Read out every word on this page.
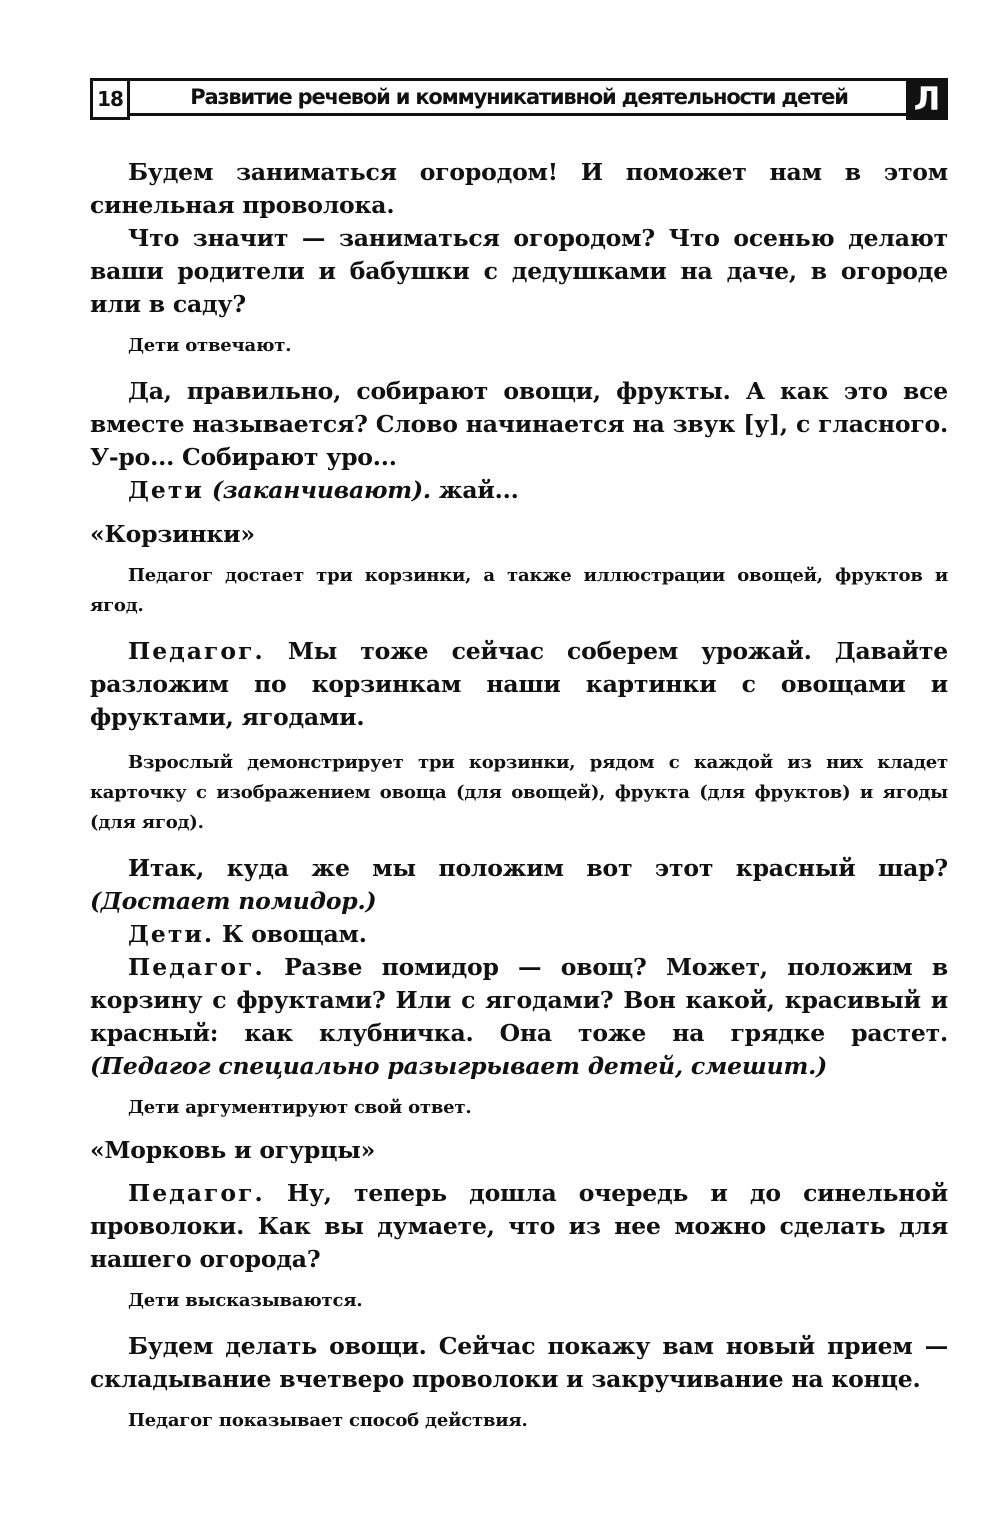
18	Развитие речевой и коммуникативной деятельности детей	Л

Будем заниматься огородом! И поможет нам в этом синельная проволока.

Что значит — заниматься огородом? Что осенью делают ваши родители и бабушки с дедушками на даче, в огороде или в саду?

Дети отвечают.

Да, правильно, собирают овощи, фрукты. А как это все вместе называется? Слово начинается на звук [у], с гласного. У-ро... Собирают уро...

Дети (заканчивают). жай...

«Корзинки»

Педагог достает три корзинки, а также иллюстрации овощей, фруктов и ягод.

Педагог. Мы тоже сейчас соберем урожай. Давайте разложим по корзинкам наши картинки с овощами и фруктами, ягодами.

Взрослый демонстрирует три корзинки, рядом с каждой из них кладет карточку с изображением овоща (для овощей), фрукта (для фруктов) и ягоды (для ягод).

Итак, куда же мы положим вот этот красный шар? (Достает помидор.)

Дети. К овощам.

Педагог. Разве помидор — овощ? Может, положим в корзину с фруктами? Или с ягодами? Вон какой, красивый и красный: как клубничка. Она тоже на грядке растет. (Педагог специально разыгрывает детей, смешит.)

Дети аргументируют свой ответ.

«Морковь и огурцы»

Педагог. Ну, теперь дошла очередь и до синельной проволоки. Как вы думаете, что из нее можно сделать для нашего огорода?

Дети высказываются.

Будем делать овощи. Сейчас покажу вам новый прием — складывание вчетверо проволоки и закручивание на конце.

Педагог показывает способ действия.
